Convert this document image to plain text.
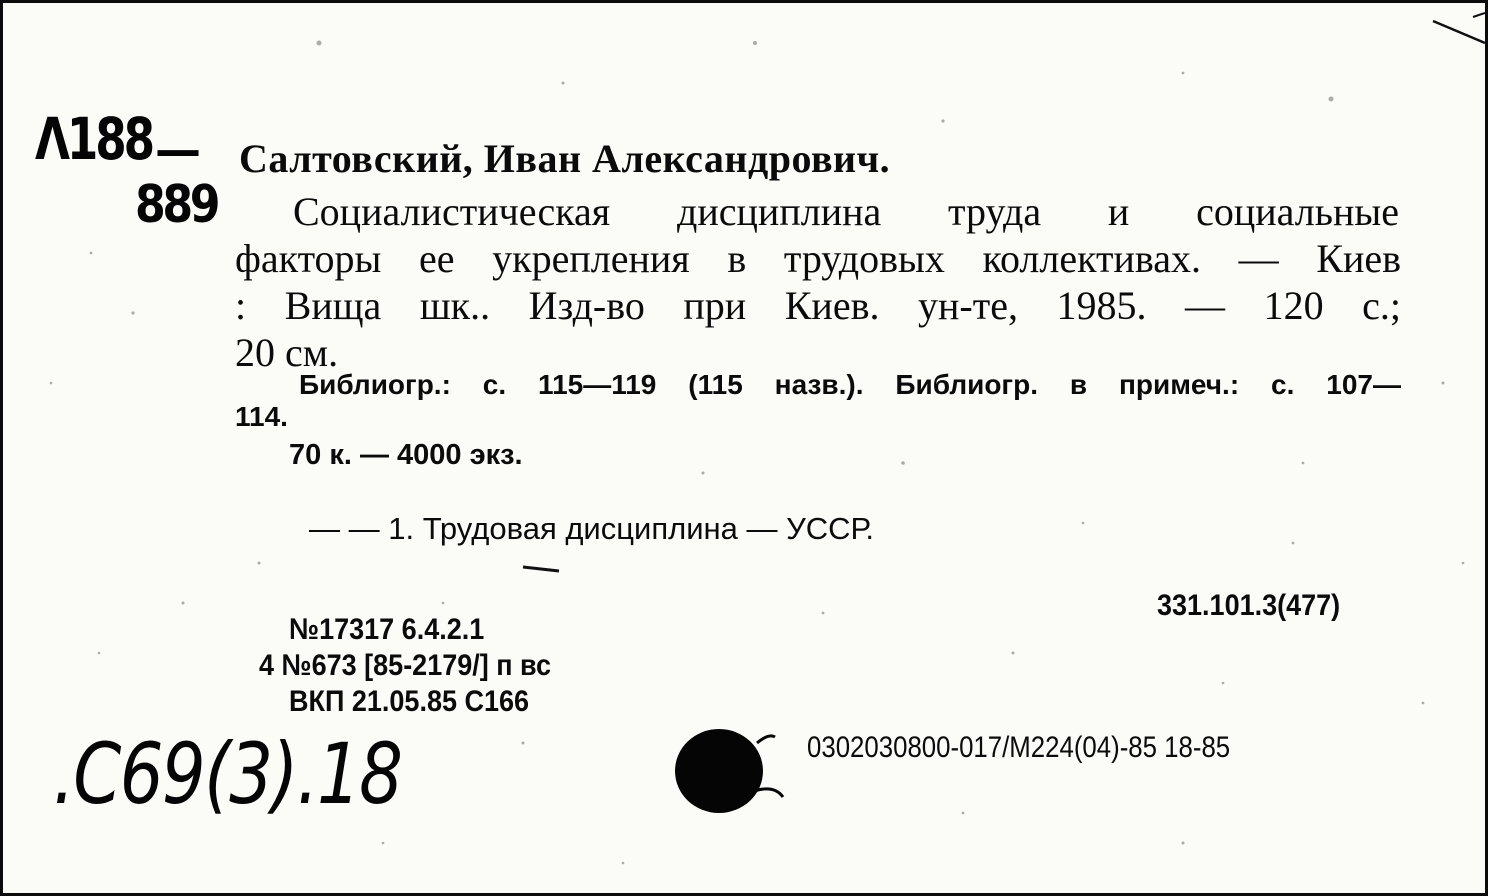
Λ188 —
889
Салтовский, Иван Александрович.
Социалистическая дисциплина труда и социальные
факторы ее укрепления в трудовых коллективах. — Киев
: Вища шк.. Изд-во при Киев. ун-те, 1985. — 120 с.;
20 см.
Библиогр.: с. 115—119 (115 назв.). Библиогр. в примеч.: с. 107—
114.
70 к. — 4000 экз.
— — 1. Трудовая дисциплина — УССР.
331.101.3(477)
№17317 6.4.2.1
4 №673 [85-2179/] п вс
ВКП 21.05.85 С166
0302030800-017/М224(04)-85 18-85
.С69(3).18
